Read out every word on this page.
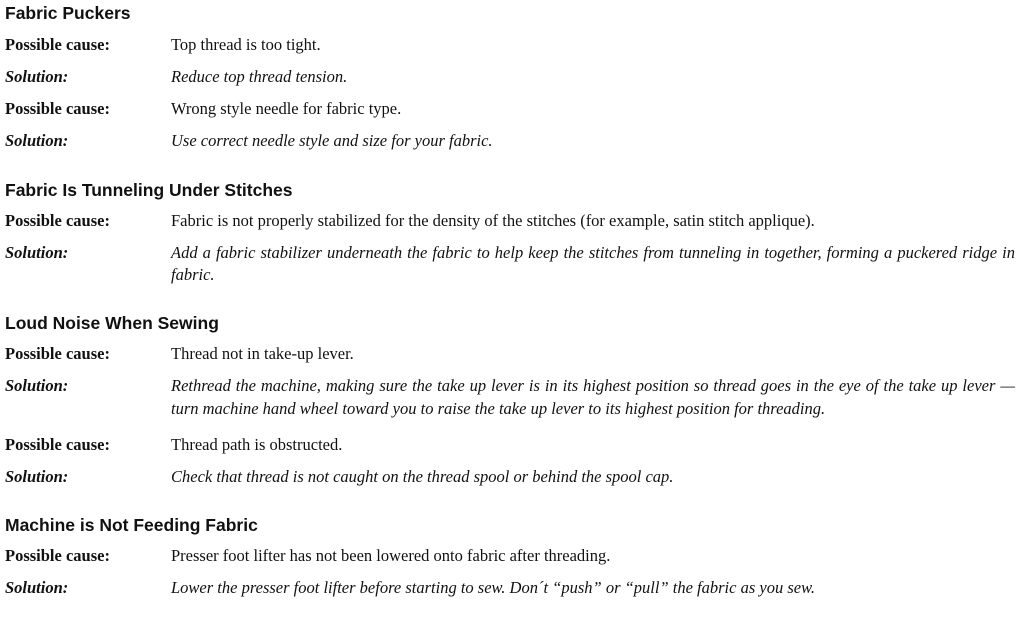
Fabric Puckers
Possible cause:	Top thread is too tight.
Solution:	Reduce top thread tension.
Possible cause:	Wrong style needle for fabric type.
Solution:	Use correct needle style and size for your fabric.
Fabric Is Tunneling Under Stitches
Possible cause:	Fabric is not properly stabilized for the density of the stitches (for example, satin stitch applique).
Solution:	Add a fabric stabilizer underneath the fabric to help keep the stitches from tunneling in together, forming a puckered ridge in fabric.
Loud Noise When Sewing
Possible cause:	Thread not in take-up lever.
Solution:	Rethread the machine, making sure the take up lever is in its highest position so thread goes in the eye of the take up lever — turn machine hand wheel toward you to raise the take up lever to its highest position for threading.
Possible cause:	Thread path is obstructed.
Solution:	Check that thread is not caught on the thread spool or behind the spool cap.
Machine is Not Feeding Fabric
Possible cause:	Presser foot lifter has not been lowered onto fabric after threading.
Solution:	Lower the presser foot lifter before starting to sew. Don´t “push” or “pull” the fabric as you sew.
